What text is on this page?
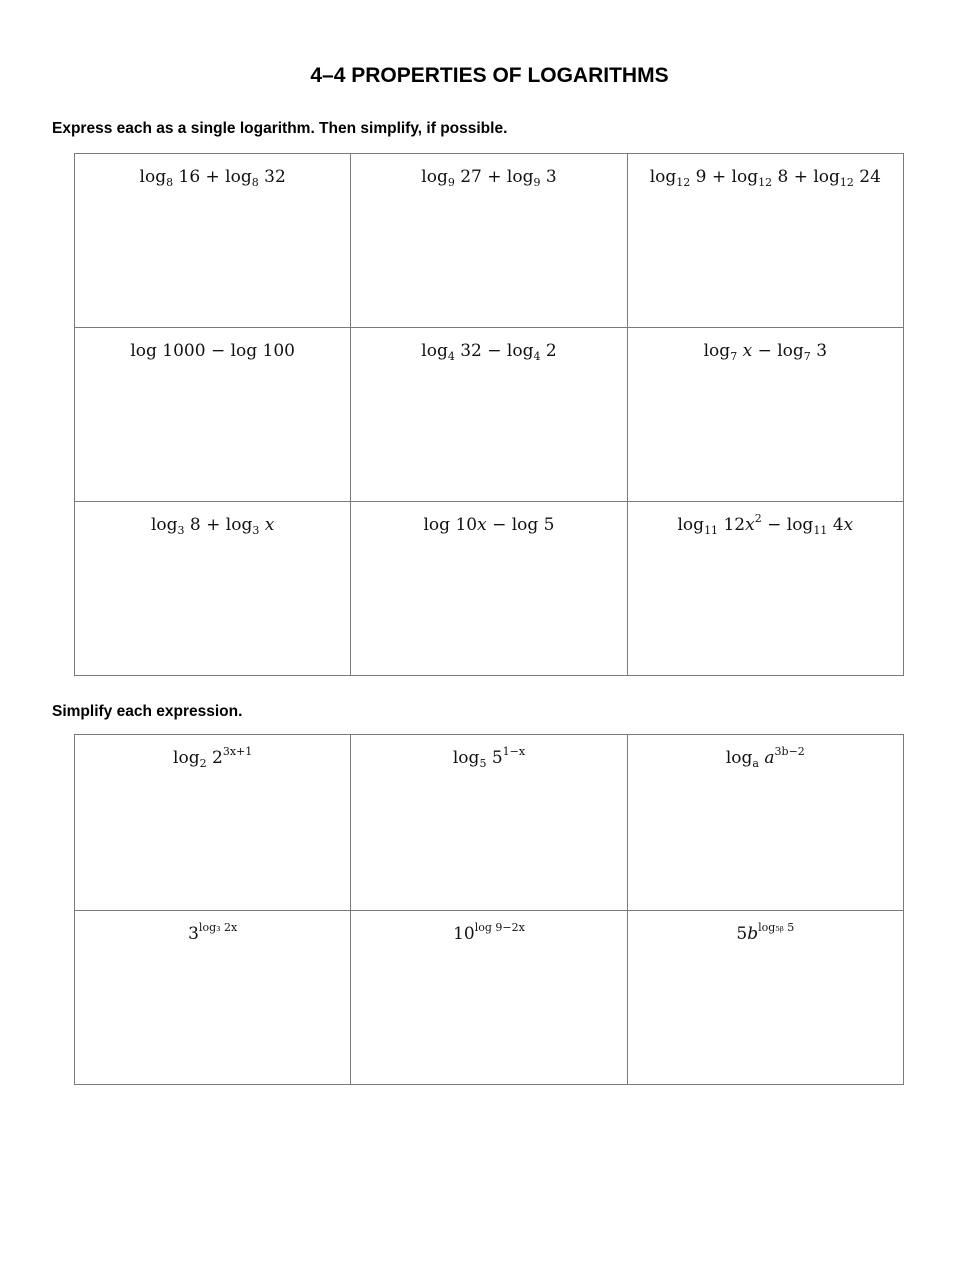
4–4 PROPERTIES OF LOGARITHMS
Express each as a single logarithm. Then simplify, if possible.
$\log_8 16 + \log_8 32$	$\log_9 27 + \log_9 3$	$\log_{12} 9 + \log_{12} 8 + \log_{12} 24$

log 1000 − log 100	$\log_4 32 - \log_4 2$	$\log_7 x - \log_7 3$

$\log_3 8 + \log_3 x$	log 10x − log 5	$\log_{11} 12x^2 - \log_{11} 4x$
Simplify each expression.
$\log_2 2^{3x+1}$	$\log_5 5^{1-x}$	$\log_a a^{3b-2}$

$3^{log_3 2x}$	$10^{log 9-2x}$	$5b^{log_5ᵦ 5}$
